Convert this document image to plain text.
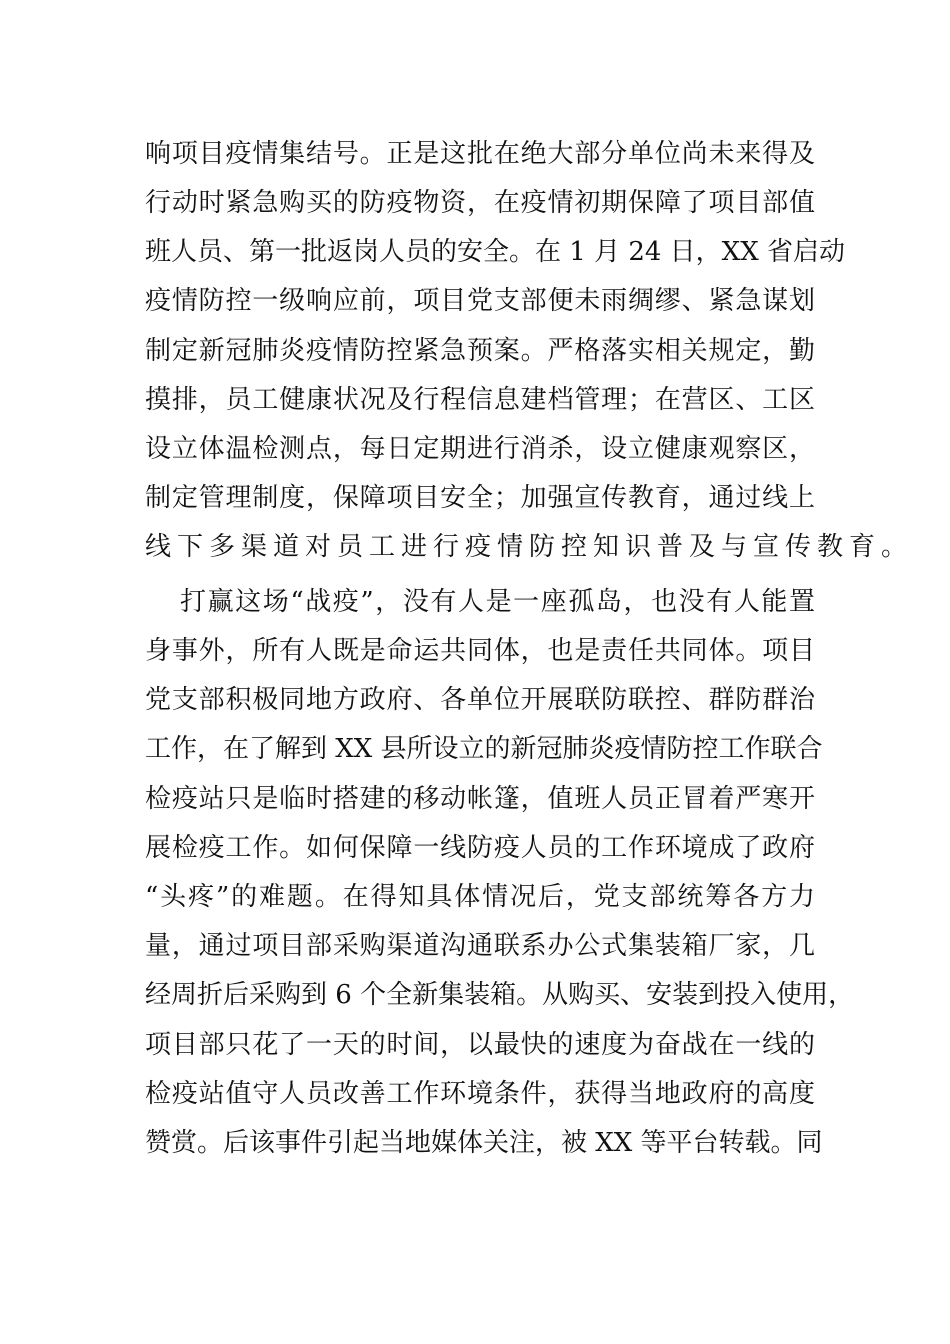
响项目疫情集结号。正是这批在绝大部分单位尚未来得及

行动时紧急购买的防疫物资，在疫情初期保障了项目部值

班人员、第一批返岗人员的安全。在 1 月 24 日，XX 省启动

疫情防控一级响应前，项目党支部便未雨绸缪、紧急谋划

制定新冠肺炎疫情防控紧急预案。严格落实相关规定，勤

摸排，员工健康状况及行程信息建档管理；在营区、工区

设立体温检测点，每日定期进行消杀，设立健康观察区，

制定管理制度，保障项目安全；加强宣传教育，通过线上

线下多渠道对员工进行疫情防控知识普及与宣传教育。

打赢这场“战疫”，没有人是一座孤岛，也没有人能置

身事外，所有人既是命运共同体，也是责任共同体。项目

党支部积极同地方政府、各单位开展联防联控、群防群治

工作，在了解到 XX 县所设立的新冠肺炎疫情防控工作联合

检疫站只是临时搭建的移动帐篷，值班人员正冒着严寒开

展检疫工作。如何保障一线防疫人员的工作环境成了政府

“头疼”的难题。在得知具体情况后，党支部统筹各方力

量，通过项目部采购渠道沟通联系办公式集装箱厂家，几

经周折后采购到 6 个全新集装箱。从购买、安装到投入使用，

项目部只花了一天的时间，以最快的速度为奋战在一线的

检疫站值守人员改善工作环境条件，获得当地政府的高度

赞赏。后该事件引起当地媒体关注，被 XX 等平台转载。同
